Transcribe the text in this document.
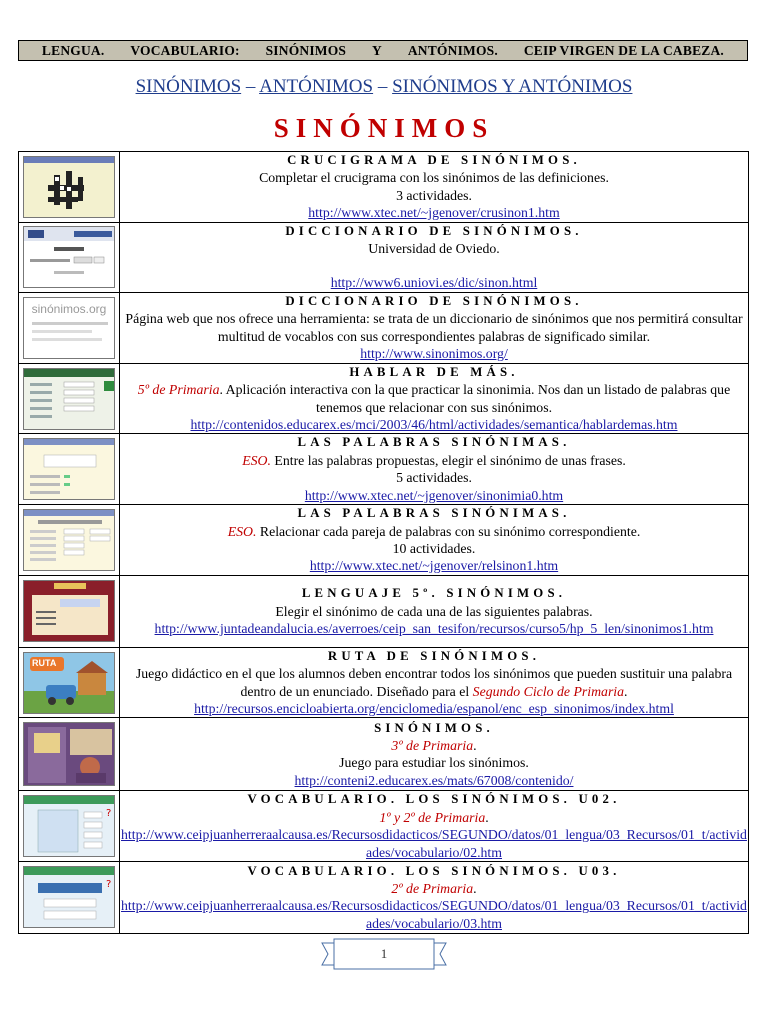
LENGUA. VOCABULARIO: SINÓNIMOS Y ANTÓNIMOS. CEIP VIRGEN DE LA CABEZA.
SINÓNIMOS – ANTÓNIMOS – SINÓNIMOS Y ANTÓNIMOS
SINÓNIMOS

CRUCIGRAMA DE SINÓNIMOS.
Completar el crucigrama con los sinónimos de las definiciones.
3 actividades.
http://www.xtec.net/~jgenover/crusinon1.htm

DICCIONARIO DE SINÓNIMOS.
Universidad de Oviedo.
http://www6.uniovi.es/dic/sinon.html

sinónimos.org	DICCIONARIO DE SINÓNIMOS.
Página web que nos ofrece una herramienta: se trata de un diccionario de sinónimos que nos permitirá consultar multitud de vocablos con sus correspondientes palabras de significado similar.
http://www.sinonimos.org/

HABLAR DE MÁS.
5º de Primaria. Aplicación interactiva con la que practicar la sinonimia. Nos dan un listado de palabras que tenemos que relacionar con sus sinónimos.
http://contenidos.educarex.es/mci/2003/46/html/actividades/semantica/hablardemas.htm

LAS PALABRAS SINÓNIMAS.
ESO. Entre las palabras propuestas, elegir el sinónimo de unas frases.
5 actividades.
http://www.xtec.net/~jgenover/sinonimia0.htm

LAS PALABRAS SINÓNIMAS.
ESO. Relacionar cada pareja de palabras con su sinónimo correspondiente.
10 actividades.
http://www.xtec.net/~jgenover/relsinon1.htm

LENGUAJE 5º. SINÓNIMOS.
Elegir el sinónimo de cada una de las siguientes palabras.
http://www.juntadeandalucia.es/averroes/ceip_san_tesifon/recursos/curso5/hp_5_len/sinonimos1.htm

RUTA	RUTA DE SINÓNIMOS.
Juego didáctico en el que los alumnos deben encontrar todos los sinónimos que pueden sustituir una palabra dentro de un enunciado. Diseñado para el Segundo Ciclo de Primaria.
http://recursos.encicloabierta.org/enciclomedia/espanol/enc_esp_sinonimos/index.html

SINÓNIMOS.
3º de Primaria.
Juego para estudiar los sinónimos.
http://conteni2.educarex.es/mats/67008/contenido/

?	VOCABULARIO. LOS SINÓNIMOS. U02.
1º y 2º de Primaria.
http://www.ceipjuanherreraalcausa.es/Recursosdidacticos/SEGUNDO/datos/01_lengua/03_Recursos/01_t/actividades/vocabulario/02.htm

?	VOCABULARIO. LOS SINÓNIMOS. U03.
2º de Primaria.
http://www.ceipjuanherreraalcausa.es/Recursosdidacticos/SEGUNDO/datos/01_lengua/03_Recursos/01_t/actividades/vocabulario/03.htm
1
